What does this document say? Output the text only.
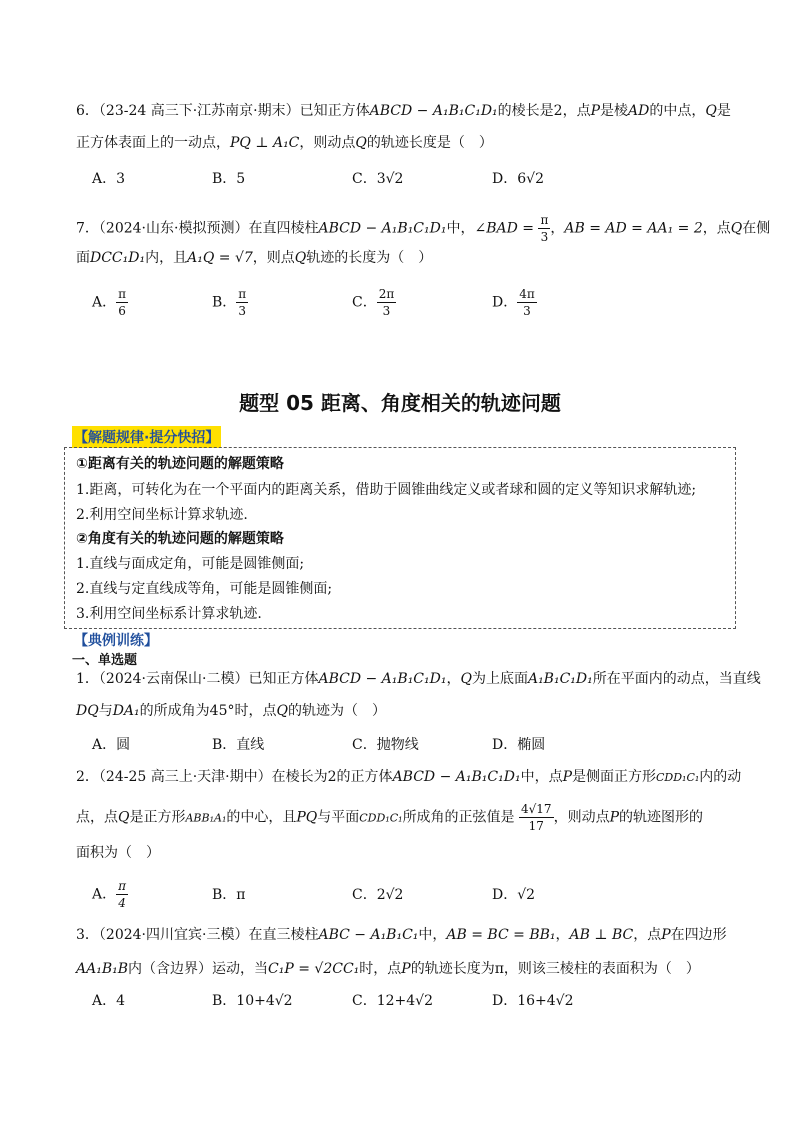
6．（23-24 高三下·江苏南京·期末）已知正方体ABCD − A₁B₁C₁D₁的棱长是2，点P是棱AD的中点，Q是
正方体表面上的一动点，PQ ⊥ A₁C，则动点Q的轨迹长度是（　）
A．3	B．5	C．3√2	D．6√2
7．（2024·山东·模拟预测）在直四棱柱ABCD − A₁B₁C₁D₁中，∠BAD = $\frac{\pi}{3}$ ，AB = AD = AA₁ = 2，点Q在侧
面DCC₁D₁内，且A₁Q = √7，则点Q轨迹的长度为（　）
A． $\frac{\pi}{6}$	B． $\frac{\pi}{3}$	C． $\frac{2\pi}{3}$	D． $\frac{4\pi}{3}$
题型 05 距离、角度相关的轨迹问题
【解题规律·提分快招】
①距离有关的轨迹问题的解题策略
1.距离，可转化为在一个平面内的距离关系，借助于圆锥曲线定义或者球和圆的定义等知识求解轨迹;
2.利用空间坐标计算求轨迹.
②角度有关的轨迹问题的解题策略
1.直线与面成定角，可能是圆锥侧面;
2.直线与定直线成等角，可能是圆锥侧面;
3.利用空间坐标系计算求轨迹.
【典例训练】
一、单选题
1．（2024·云南保山·二模）已知正方体ABCD − A₁B₁C₁D₁，Q为上底面A₁B₁C₁D₁所在平面内的动点，当直线
DQ与DA₁的所成角为45°时，点Q的轨迹为（　）
A．圆	B．直线	C．抛物线	D．椭圆
2．（24-25 高三上·天津·期中）在棱长为2的正方体ABCD − A₁B₁C₁D₁中，点P是侧面正方形CDD₁C₁内的动
点，点Q是正方形ABB₁A₁的中心，且PQ与平面CDD₁C₁所成角的正弦值是 $\frac{4√17}{17}$ ，则动点P的轨迹图形的
面积为（　）
A． $\frac{\pi}{4}$	B．π	C．2√2	D．√2
3．（2024·四川宜宾·三模）在直三棱柱ABC − A₁B₁C₁中，AB = BC = BB₁，AB ⊥ BC，点P在四边形
AA₁B₁B内（含边界）运动，当C₁P = √2CC₁时，点P的轨迹长度为π，则该三棱柱的表面积为（　）
A．4	B．10+4√2	C．12+4√2	D．16+4√2
